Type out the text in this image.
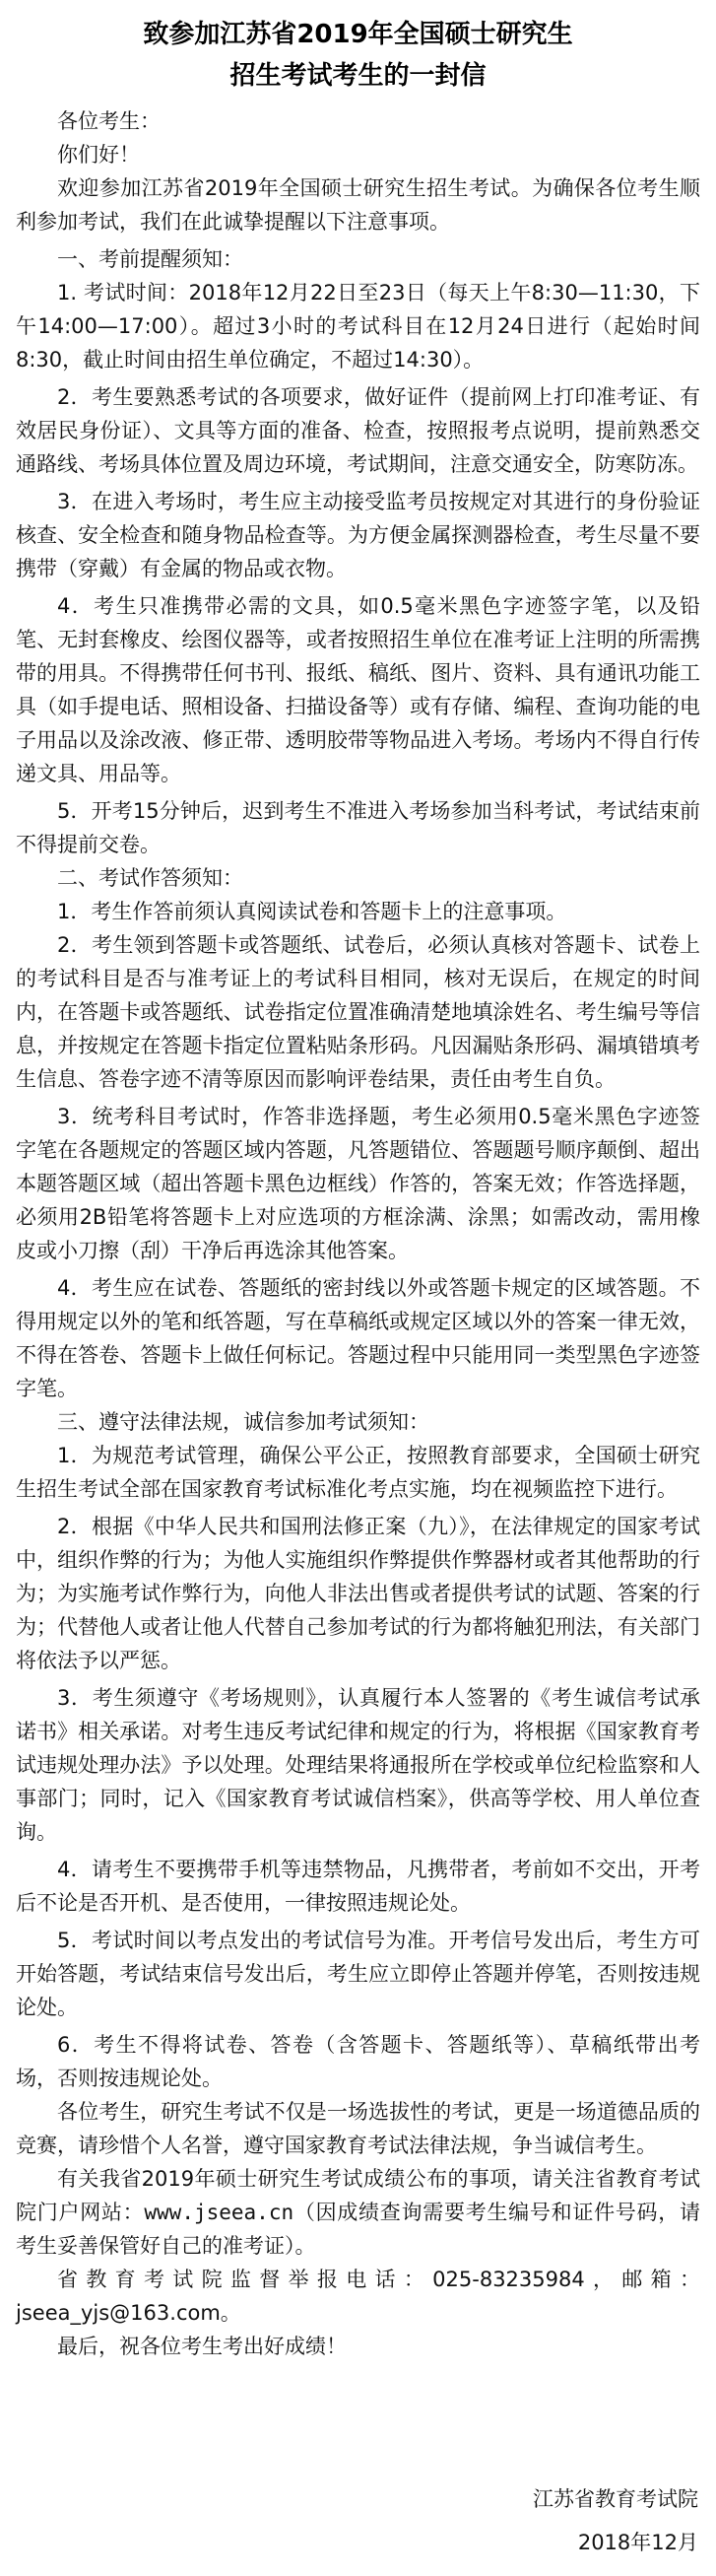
致参加江苏省2019年全国硕士研究生
招生考试考生的一封信

各位考生：

你们好！

欢迎参加江苏省2019年全国硕士研究生招生考试。为确保各位考生顺利参加考试，我们在此诚挚提醒以下注意事项。

一、考前提醒须知：

1. 考试时间：2018年12月22日至23日（每天上午8:30—11:30，下午14:00—17:00）。超过3小时的考试科目在12月24日进行（起始时间8:30，截止时间由招生单位确定，不超过14:30）。

2．考生要熟悉考试的各项要求，做好证件（提前网上打印准考证、有效居民身份证）、文具等方面的准备、检查，按照报考点说明，提前熟悉交通路线、考场具体位置及周边环境，考试期间，注意交通安全，防寒防冻。

3．在进入考场时，考生应主动接受监考员按规定对其进行的身份验证核查、安全检查和随身物品检查等。为方便金属探测器检查，考生尽量不要携带（穿戴）有金属的物品或衣物。

4．考生只准携带必需的文具，如0.5毫米黑色字迹签字笔，以及铅笔、无封套橡皮、绘图仪器等，或者按照招生单位在准考证上注明的所需携带的用具。不得携带任何书刊、报纸、稿纸、图片、资料、具有通讯功能工具（如手提电话、照相设备、扫描设备等）或有存储、编程、查询功能的电子用品以及涂改液、修正带、透明胶带等物品进入考场。考场内不得自行传递文具、用品等。

5．开考15分钟后，迟到考生不准进入考场参加当科考试，考试结束前不得提前交卷。

二、考试作答须知：

1．考生作答前须认真阅读试卷和答题卡上的注意事项。

2．考生领到答题卡或答题纸、试卷后，必须认真核对答题卡、试卷上的考试科目是否与准考证上的考试科目相同，核对无误后，在规定的时间内，在答题卡或答题纸、试卷指定位置准确清楚地填涂姓名、考生编号等信息，并按规定在答题卡指定位置粘贴条形码。凡因漏贴条形码、漏填错填考生信息、答卷字迹不清等原因而影响评卷结果，责任由考生自负。

3．统考科目考试时，作答非选择题，考生必须用0.5毫米黑色字迹签字笔在各题规定的答题区域内答题，凡答题错位、答题题号顺序颠倒、超出本题答题区域（超出答题卡黑色边框线）作答的，答案无效；作答选择题，必须用2B铅笔将答题卡上对应选项的方框涂满、涂黑；如需改动，需用橡皮或小刀擦（刮）干净后再选涂其他答案。

4．考生应在试卷、答题纸的密封线以外或答题卡规定的区域答题。不得用规定以外的笔和纸答题，写在草稿纸或规定区域以外的答案一律无效，不得在答卷、答题卡上做任何标记。答题过程中只能用同一类型黑色字迹签字笔。

三、遵守法律法规，诚信参加考试须知：

1．为规范考试管理，确保公平公正，按照教育部要求，全国硕士研究生招生考试全部在国家教育考试标准化考点实施，均在视频监控下进行。

2．根据《中华人民共和国刑法修正案（九）》，在法律规定的国家考试中，组织作弊的行为；为他人实施组织作弊提供作弊器材或者其他帮助的行为；为实施考试作弊行为，向他人非法出售或者提供考试的试题、答案的行为；代替他人或者让他人代替自己参加考试的行为都将触犯刑法，有关部门将依法予以严惩。

3．考生须遵守《考场规则》，认真履行本人签署的《考生诚信考试承诺书》相关承诺。对考生违反考试纪律和规定的行为，将根据《国家教育考试违规处理办法》予以处理。处理结果将通报所在学校或单位纪检监察和人事部门；同时，记入《国家教育考试诚信档案》，供高等学校、用人单位查询。

4．请考生不要携带手机等违禁物品，凡携带者，考前如不交出，开考后不论是否开机、是否使用，一律按照违规论处。

5．考试时间以考点发出的考试信号为准。开考信号发出后，考生方可开始答题，考试结束信号发出后，考生应立即停止答题并停笔，否则按违规论处。

6．考生不得将试卷、答卷（含答题卡、答题纸等）、草稿纸带出考场，否则按违规论处。

各位考生，研究生考试不仅是一场选拔性的考试，更是一场道德品质的竞赛，请珍惜个人名誉，遵守国家教育考试法律法规，争当诚信考生。

有关我省2019年硕士研究生考试成绩公布的事项，请关注省教育考试院门户网站：www.jseea.cn（因成绩查询需要考生编号和证件号码，请考生妥善保管好自己的准考证）。

省教育考试院监督举报电话：025-83235984，邮箱：jseea_yjs@163.com。

最后，祝各位考生考出好成绩！

江苏省教育考试院
2018年12月
